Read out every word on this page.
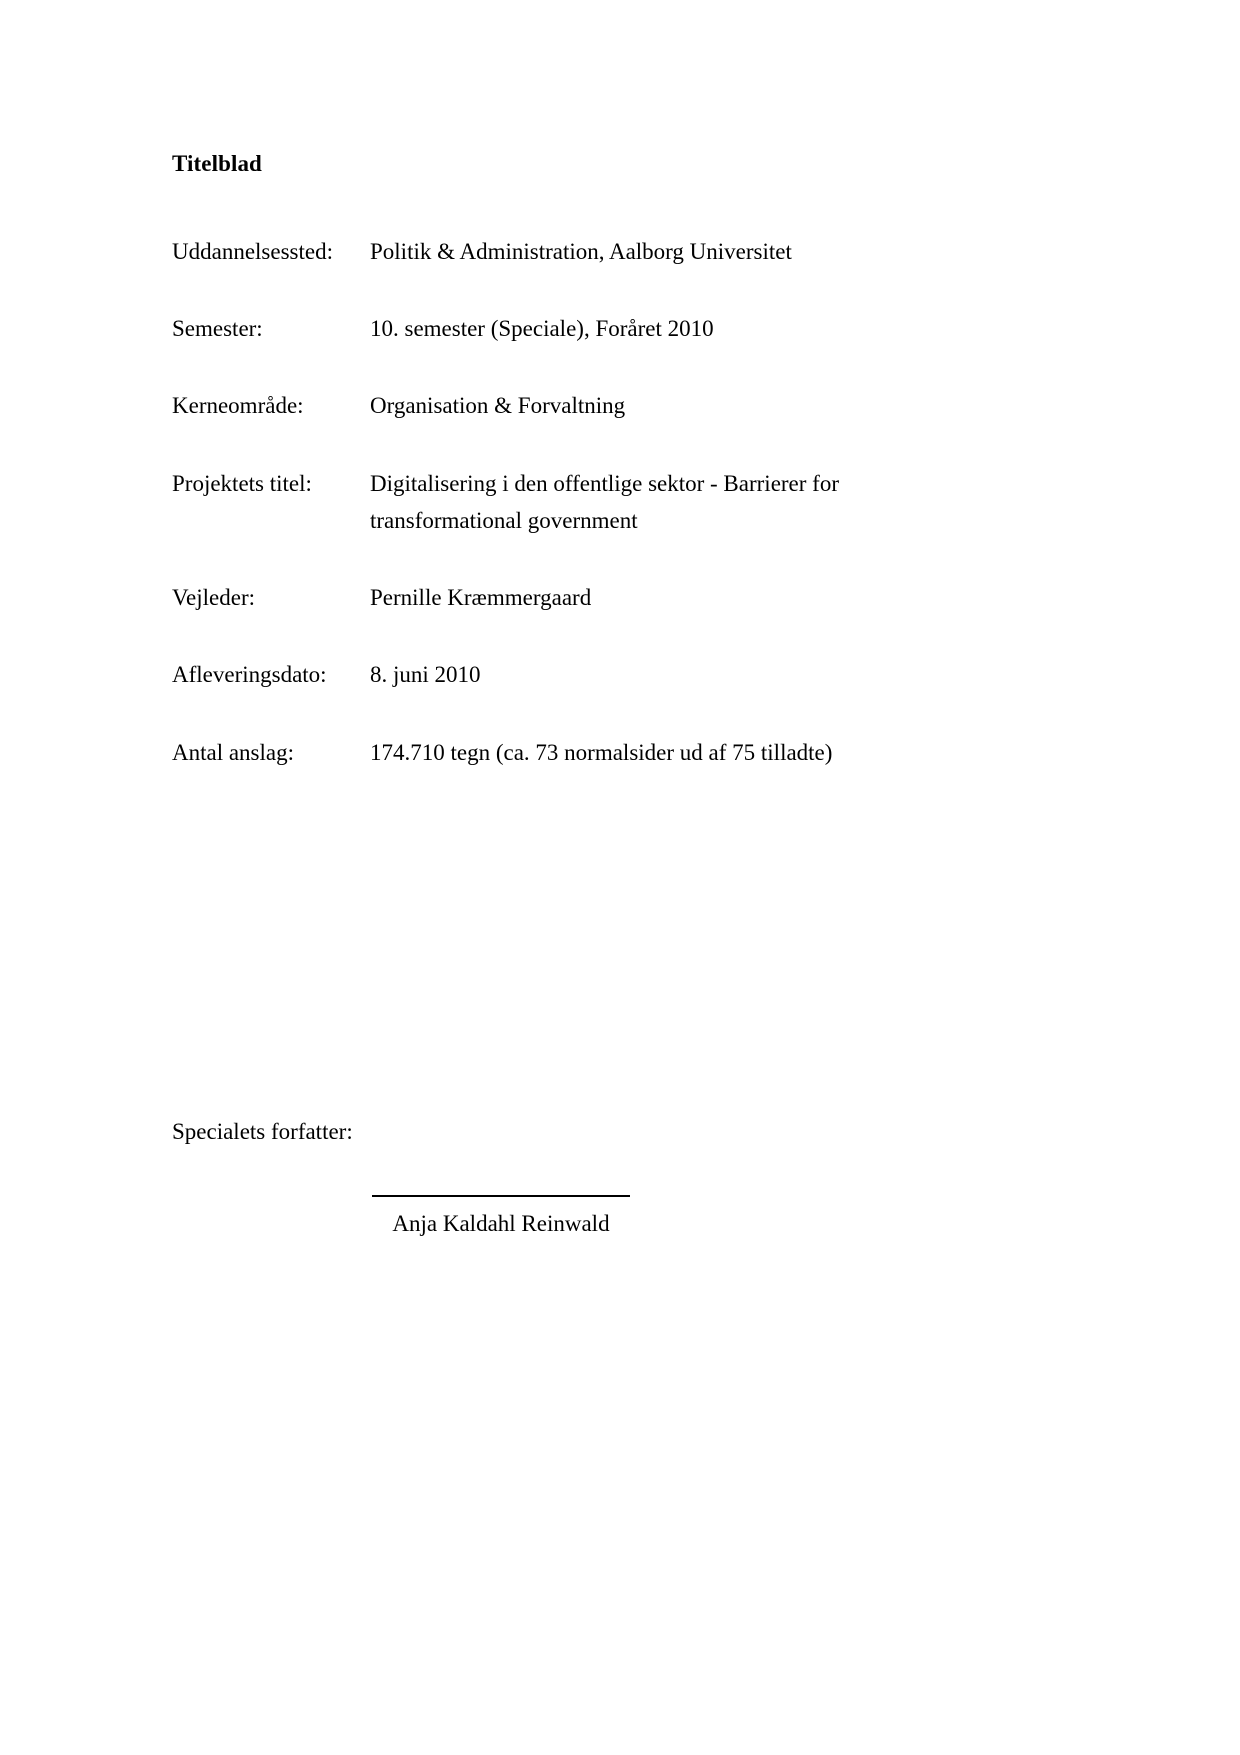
Titelblad
Uddannelsessted:	Politik & Administration, Aalborg Universitet
Semester:	10. semester (Speciale), Foråret 2010
Kerneområde:	Organisation & Forvaltning
Projektets titel:	Digitalisering i den offentlige sektor - Barrierer for
transformational government
Vejleder:	Pernille Kræmmergaard
Afleveringsdato:	8. juni 2010
Antal anslag:	174.710 tegn (ca. 73 normalsider ud af 75 tilladte)

Specialets forfatter:

Anja Kaldahl Reinwald
